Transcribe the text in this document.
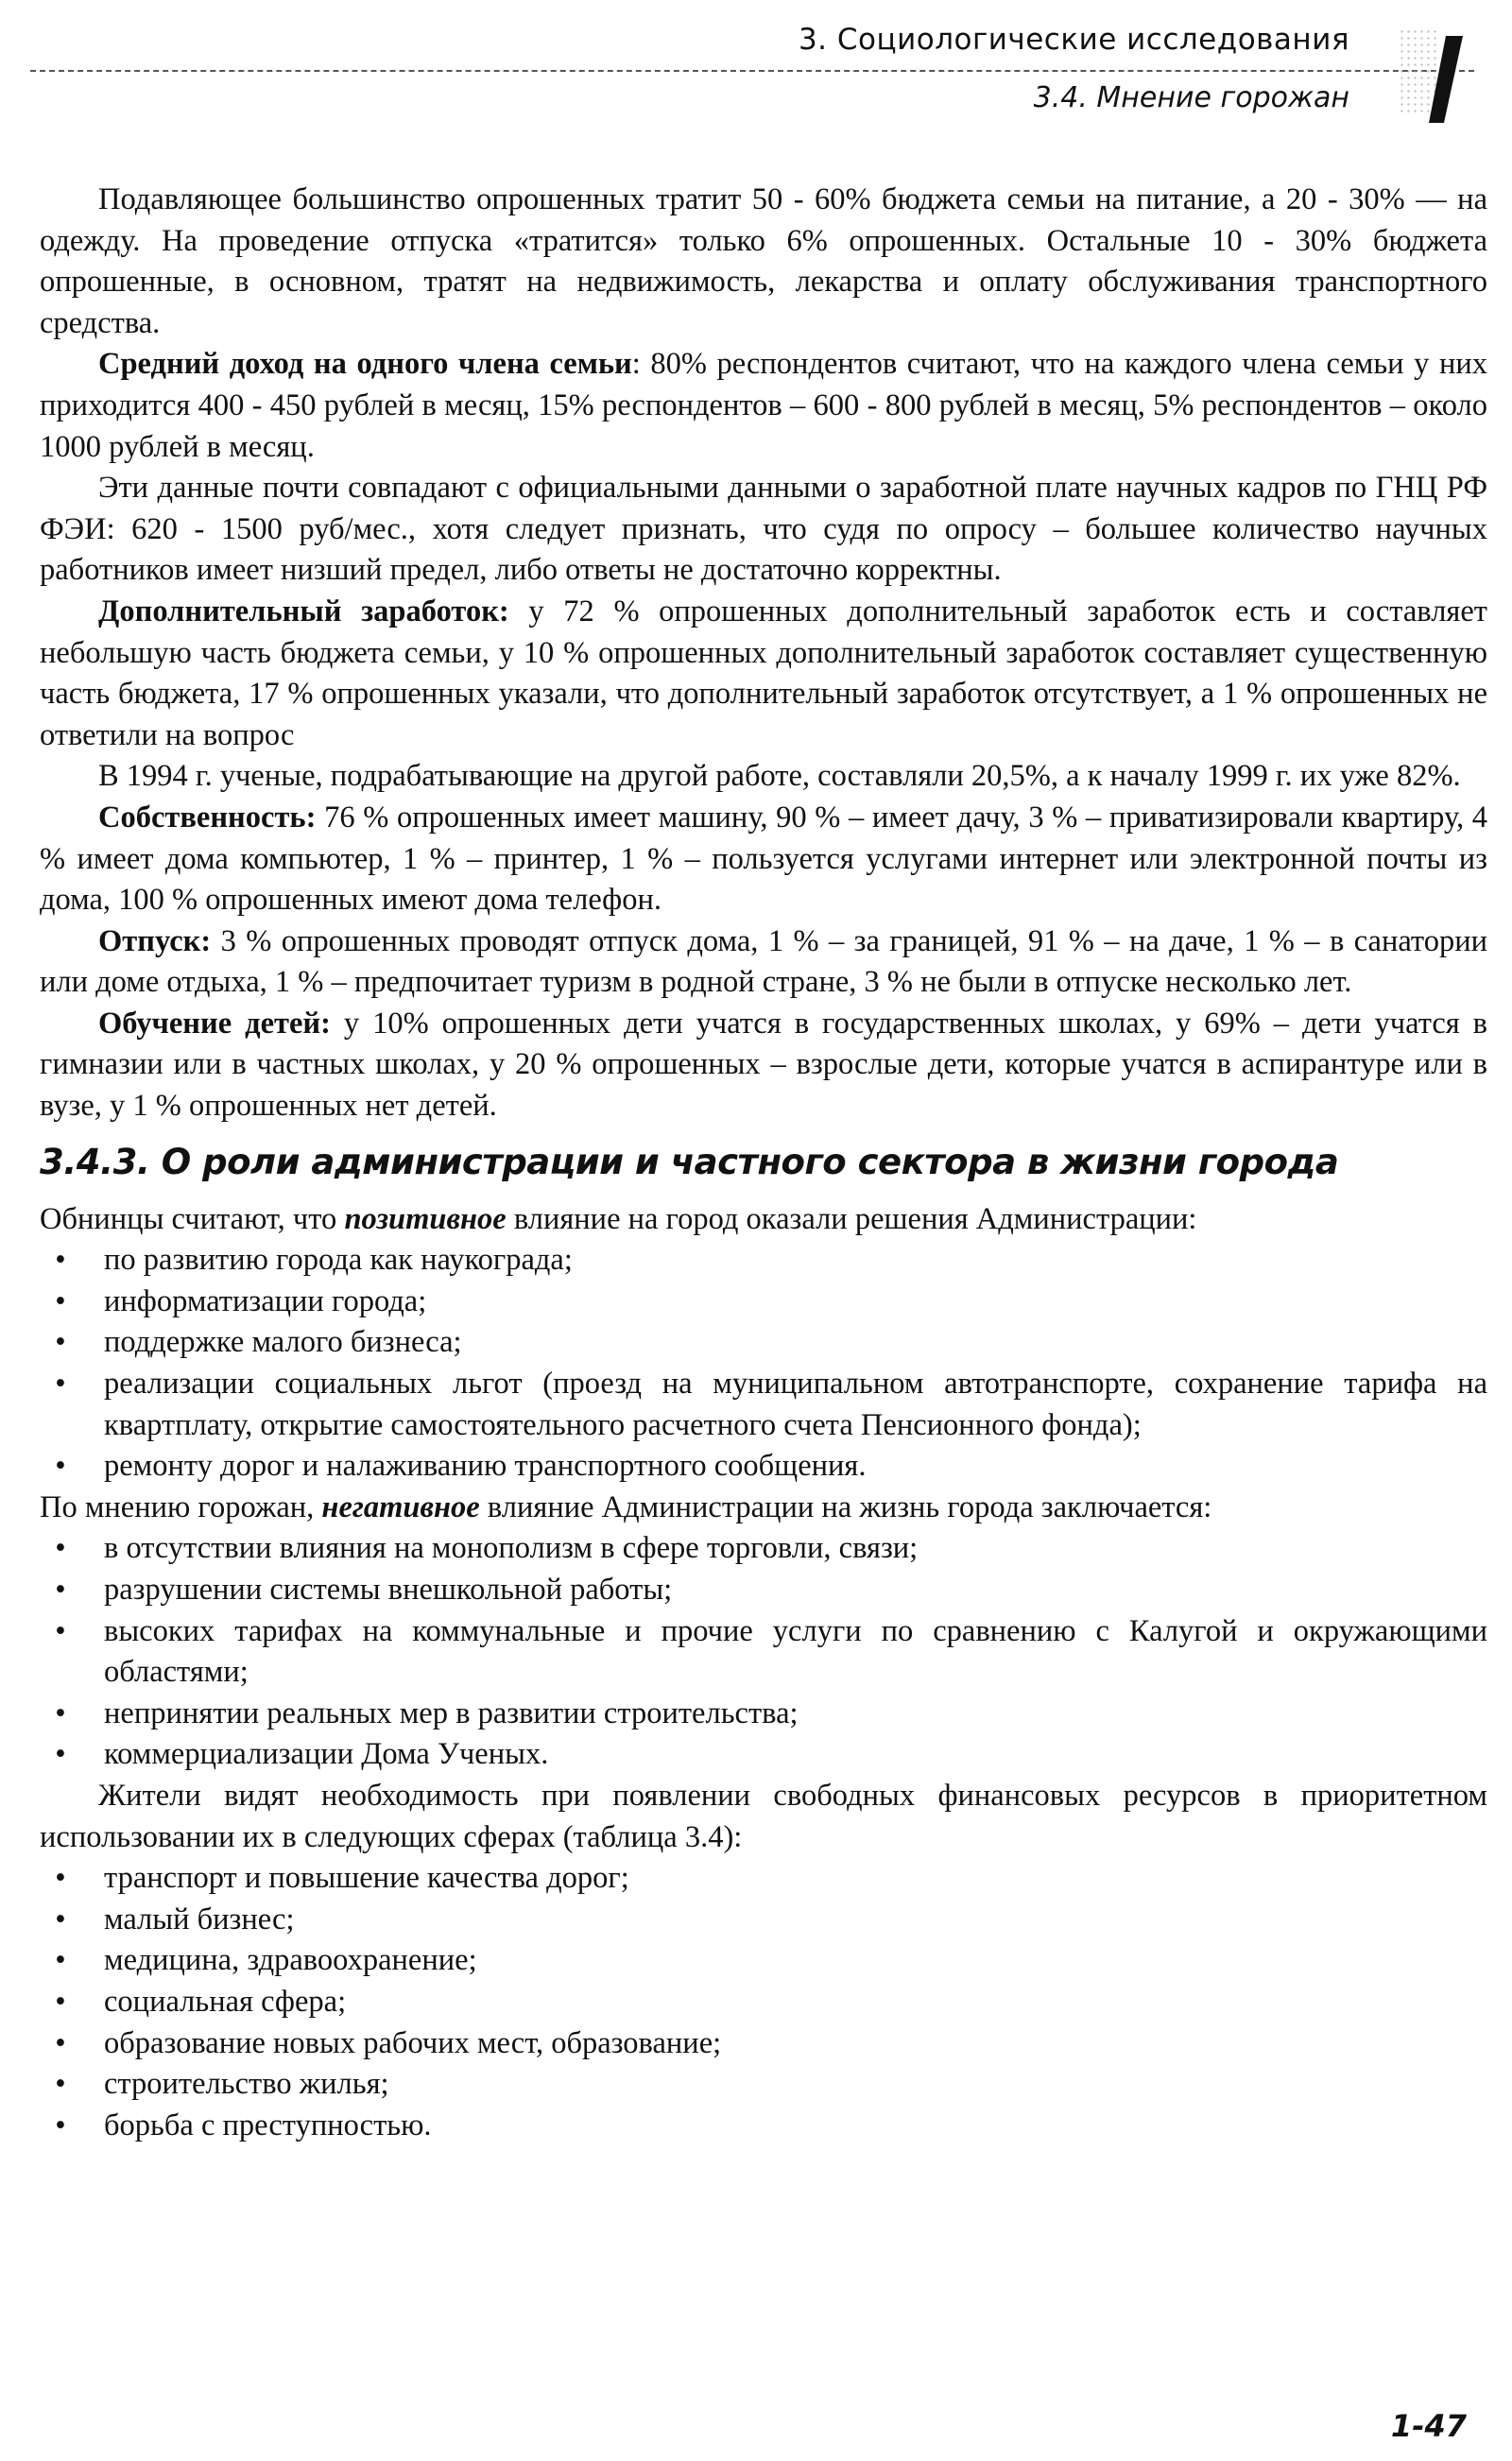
3. Социологические исследования
3.4. Мнение горожан

Подавляющее большинство опрошенных тратит 50 - 60% бюджета семьи на питание, а 20 - 30% — на одежду. На проведение отпуска «тратится» только 6% опрошенных. Остальные 10 - 30% бюджета опрошенные, в основном, тратят на недвижимость, лекарства и оплату обслуживания транспортного средства.

Средний доход на одного члена семьи: 80% респондентов считают, что на каждого члена семьи у них приходится 400 - 450 рублей в месяц, 15% респондентов – 600 - 800 рублей в месяц, 5% респондентов – около 1000 рублей в месяц.

Эти данные почти совпадают с официальными данными о заработной плате научных кадров по ГНЦ РФ ФЭИ: 620 - 1500 руб/мес., хотя следует признать, что судя по опросу – большее количество научных работников имеет низший предел, либо ответы не достаточно корректны.

Дополнительный заработок: у 72 % опрошенных дополнительный заработок есть и составляет небольшую часть бюджета семьи, у 10 % опрошенных дополнительный заработок составляет существенную часть бюджета, 17 % опрошенных указали, что дополнительный заработок отсутствует, а 1 % опрошенных не ответили на вопрос

В 1994 г. ученые, подрабатывающие на другой работе, составляли 20,5%, а к началу 1999 г. их уже 82%.

Собственность: 76 % опрошенных имеет машину, 90 % – имеет дачу, 3 % – приватизировали квартиру, 4 % имеет дома компьютер, 1 % – принтер, 1 % – пользуется услугами интернет или электронной почты из дома, 100 % опрошенных имеют дома телефон.

Отпуск: 3 % опрошенных проводят отпуск дома, 1 % – за границей, 91 % – на даче, 1 % – в санатории или доме отдыха, 1 % – предпочитает туризм в родной стране, 3 % не были в отпуске несколько лет.

Обучение детей: у 10% опрошенных дети учатся в государственных школах, у 69% – дети учатся в гимназии или в частных школах, у 20 % опрошенных – взрослые дети, которые учатся в аспирантуре или в вузе, у 1 % опрошенных нет детей.

3.4.3. О роли администрации и частного сектора в жизни города

Обнинцы считают, что позитивное влияние на город оказали решения Администрации:

• по развитию города как наукограда;
• информатизации города;
• поддержке малого бизнеса;
• реализации социальных льгот (проезд на муниципальном автотранспорте, сохранение тарифа на квартплату, открытие самостоятельного расчетного счета Пенсионного фонда);
• ремонту дорог и налаживанию транспортного сообщения.

По мнению горожан, негативное влияние Администрации на жизнь города заключается:

• в отсутствии влияния на монополизм в сфере торговли, связи;
• разрушении системы внешкольной работы;
• высоких тарифах на коммунальные и прочие услуги по сравнению с Калугой и окружающими областями;
• непринятии реальных мер в развитии строительства;
• коммерциализации Дома Ученых.

Жители видят необходимость при появлении свободных финансовых ресурсов в приоритетном использовании их в следующих сферах (таблица 3.4):

• транспорт и повышение качества дорог;
• малый бизнес;
• медицина, здравоохранение;
• социальная сфера;
• образование новых рабочих мест, образование;
• строительство жилья;
• борьба с преступностью.
1-47
